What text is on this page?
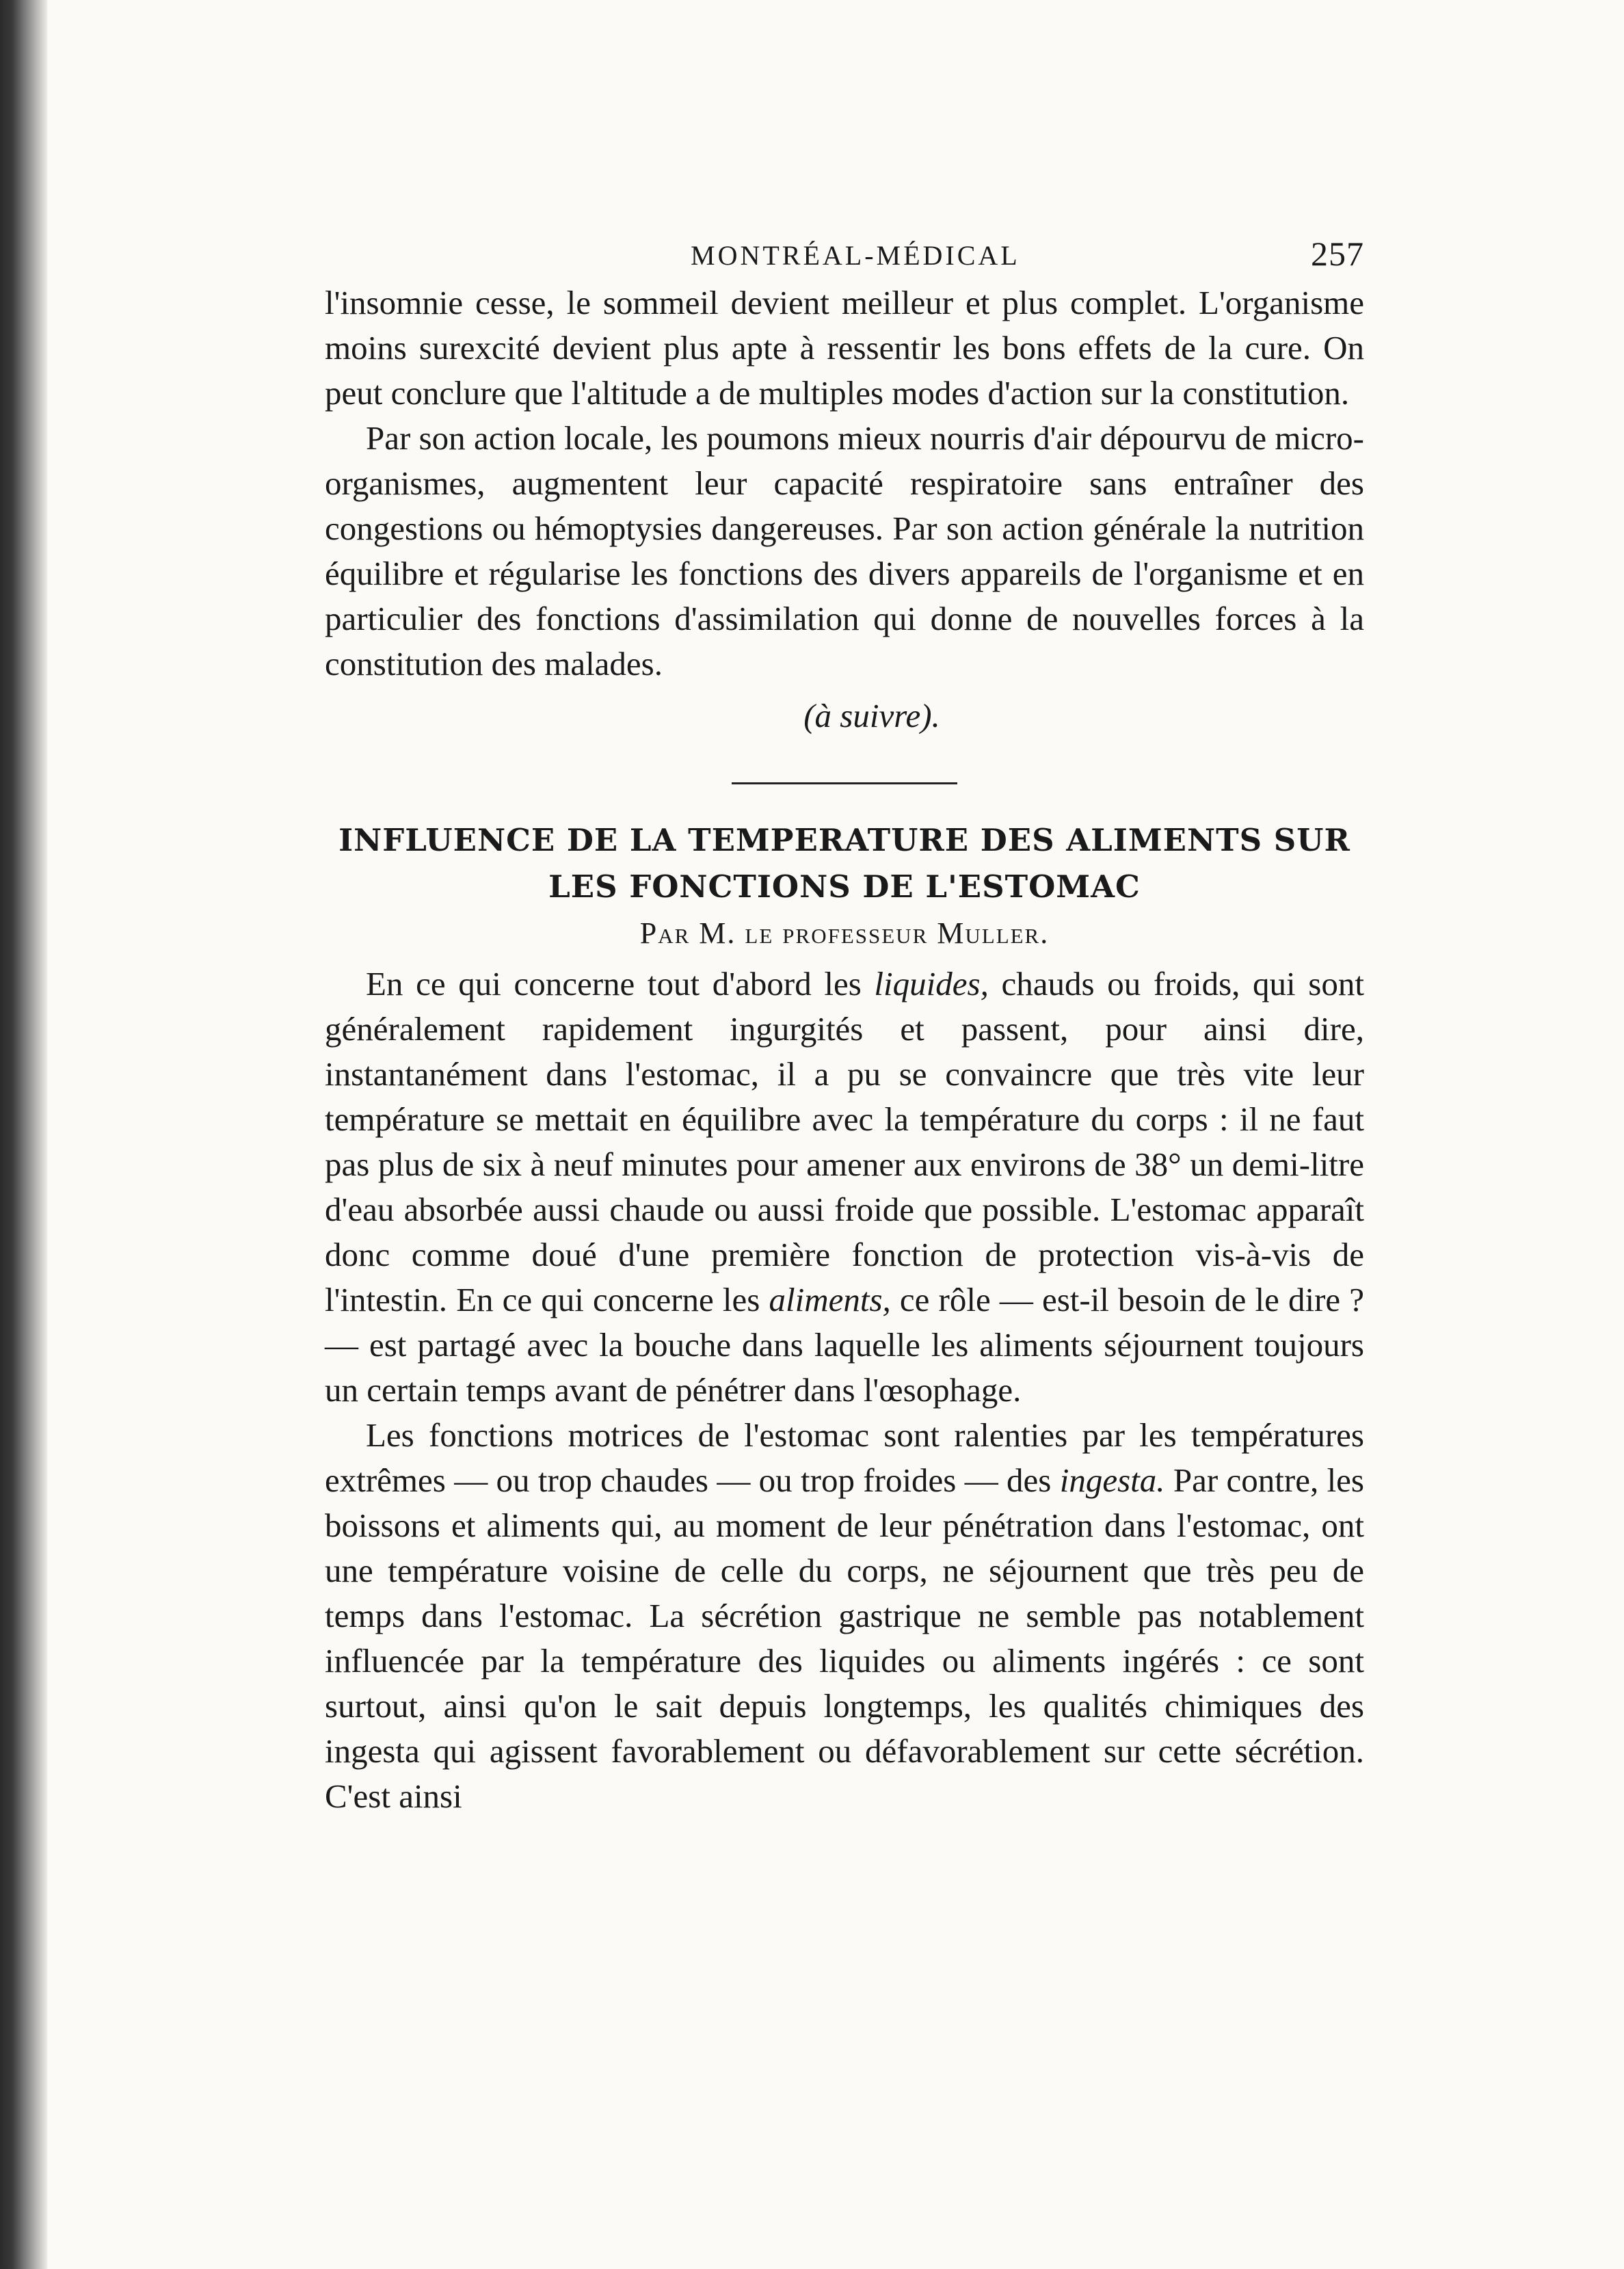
MONTRÉAL-MÉDICAL	257

l'insomnie cesse, le sommeil devient meilleur et plus complet. L'organisme moins surexcité devient plus apte à ressentir les bons effets de la cure. On peut conclure que l'altitude a de multiples modes d'action sur la constitution.

Par son action locale, les poumons mieux nourris d'air dépourvu de micro-organismes, augmentent leur capacité respiratoire sans entraîner des congestions ou hémoptysies dangereuses. Par son action générale la nutrition équilibre et régularise les fonctions des divers appareils de l'organisme et en particulier des fonctions d'assimilation qui donne de nouvelles forces à la constitution des malades.

(à suivre).
INFLUENCE DE LA TEMPERATURE DES ALIMENTS SUR
LES FONCTIONS DE L'ESTOMAC
Par M. le professeur Muller.

En ce qui concerne tout d'abord les liquides, chauds ou froids, qui sont généralement rapidement ingurgités et passent, pour ainsi dire, instantanément dans l'estomac, il a pu se convaincre que très vite leur température se mettait en équilibre avec la température du corps : il ne faut pas plus de six à neuf minutes pour amener aux environs de 38° un demi-litre d'eau absorbée aussi chaude ou aussi froide que possible. L'estomac apparaît donc comme doué d'une première fonction de protection vis-à-vis de l'intestin. En ce qui concerne les aliments, ce rôle — est-il besoin de le dire ? — est partagé avec la bouche dans laquelle les aliments séjournent toujours un certain temps avant de pénétrer dans l'œsophage.

Les fonctions motrices de l'estomac sont ralenties par les températures extrêmes — ou trop chaudes — ou trop froides — des ingesta. Par contre, les boissons et aliments qui, au moment de leur pénétration dans l'estomac, ont une température voisine de celle du corps, ne séjournent que très peu de temps dans l'estomac. La sécrétion gastrique ne semble pas notablement influencée par la température des liquides ou aliments ingérés : ce sont surtout, ainsi qu'on le sait depuis longtemps, les qualités chimiques des ingesta qui agissent favorablement ou défavorablement sur cette sécrétion. C'est ainsi
